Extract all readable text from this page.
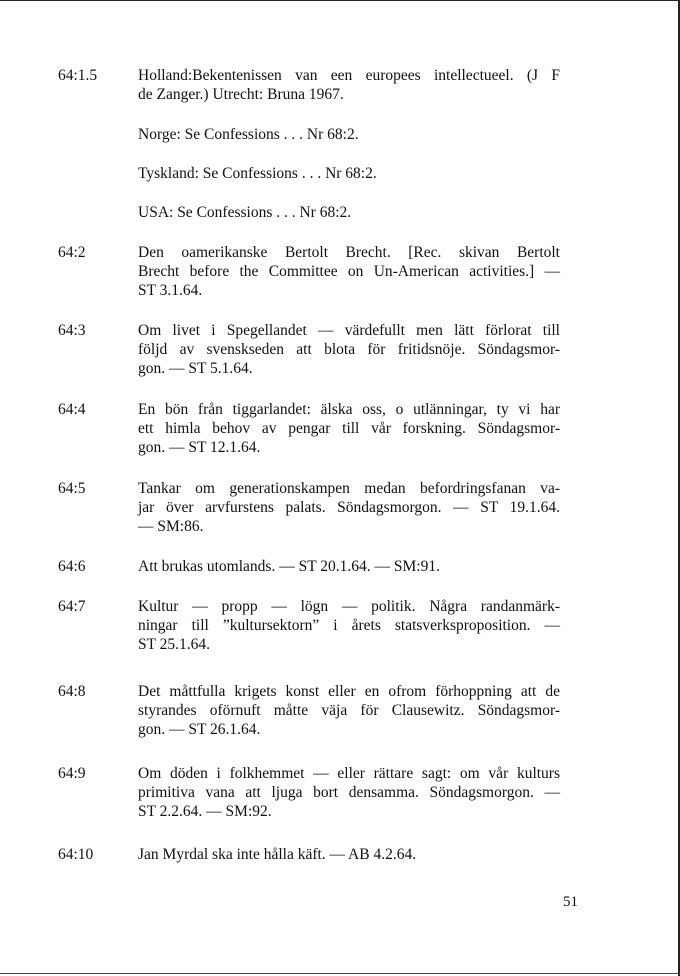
64:1.5	Holland:Bekentenissen van een europees intellectueel. (J F
de Zanger.) Utrecht: Bruna 1967.
Norge: Se Confessions . . . Nr 68:2.
Tyskland: Se Confessions . . . Nr 68:2.
USA: Se Confessions . . . Nr 68:2.
64:2	Den oamerikanske Bertolt Brecht. [Rec. skivan Bertolt
Brecht before the Committee on Un-American activities.] —
ST 3.1.64.
64:3	Om livet i Spegellandet — värdefullt men lätt förlorat till
följd av svenskseden att blota för fritidsnöje. Söndagsmor-
gon. — ST 5.1.64.
64:4	En bön från tiggarlandet: älska oss, o utlänningar, ty vi har
ett himla behov av pengar till vår forskning. Söndagsmor-
gon. — ST 12.1.64.
64:5	Tankar om generationskampen medan befordringsfanan va-
jar över arvfurstens palats. Söndagsmorgon. — ST 19.1.64.
— SM:86.
64:6	Att brukas utomlands. — ST 20.1.64. — SM:91.
64:7	Kultur — propp — lögn — politik. Några randanmärk-
ningar till ”kultursektorn” i årets statsverksproposition. —
ST 25.1.64.
64:8	Det måttfulla krigets konst eller en ofrom förhoppning att de
styrandes oförnuft måtte väja för Clausewitz. Söndagsmor-
gon. — ST 26.1.64.
64:9	Om döden i folkhemmet — eller rättare sagt: om vår kulturs
primitiva vana att ljuga bort densamma. Söndagsmorgon. —
ST 2.2.64. — SM:92.
64:10	Jan Myrdal ska inte hålla käft. — AB 4.2.64.
51
